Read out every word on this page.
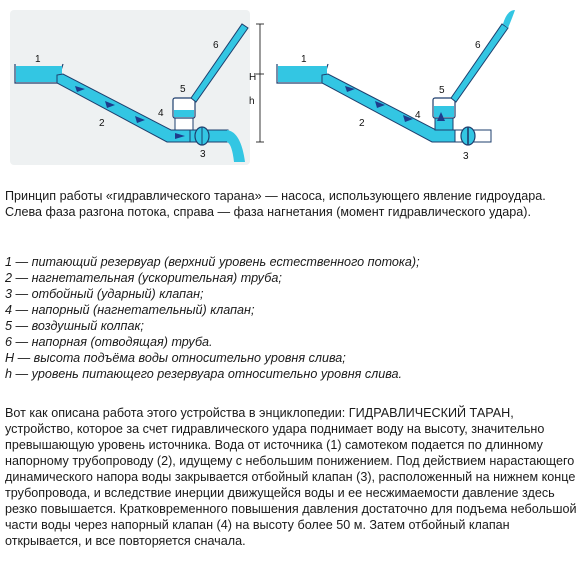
1
2
3
4
5
6
H
h
1
2
3
4
5
6
Принцип работы «гидравлического тарана» — насоса, использующего явление гидроудара. Слева фаза разгона потока, справа — фаза нагнетания (момент гидравлического удара).
1 — питающий резервуар (верхний уровень естественного потока);
2 — нагнетательная (ускорительная) труба;
3 — отбойный (ударный) клапан;
4 — напорный (нагнетательный) клапан;
5 — воздушный колпак;
6 — напорная (отводящая) труба.
H — высота подъёма воды относительно уровня слива;
h — уровень питающего резервуара относительно уровня слива.
Вот как описана работа этого устройства в энциклопедии: ГИДРАВЛИЧЕСКИЙ ТАРАН, устройство, которое за счет гидравлического удара поднимает воду на высоту, значительно превышающую уровень источника. Вода от источника (1) самотеком подается по длинному напорному трубопроводу (2), идущему с небольшим понижением. Под действием нарастающего динамического напора воды закрывается отбойный клапан (3), расположенный на нижнем конце трубопровода, и вследствие инерции движущейся воды и ее несжимаемости давление здесь резко повышается. Кратковременного повышения давления достаточно для подъема небольшой части воды через напорный клапан (4) на высоту более 50 м. Затем отбойный клапан открывается, и все повторяется сначала.
